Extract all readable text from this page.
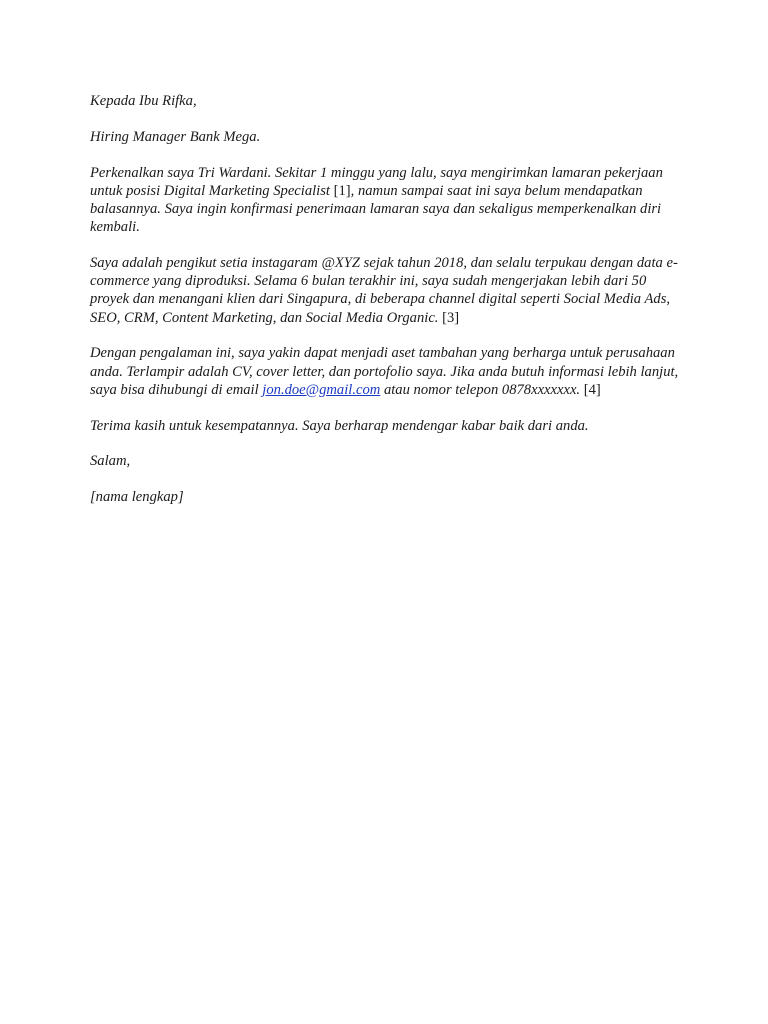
Kepada Ibu Rifka,

Hiring Manager Bank Mega.

Perkenalkan saya Tri Wardani. Sekitar 1 minggu yang lalu, saya mengirimkan lamaran pekerjaan untuk posisi Digital Marketing Specialist [1], namun sampai saat ini saya belum mendapatkan balasannya. Saya ingin konfirmasi penerimaan lamaran saya dan sekaligus memperkenalkan diri kembali.

Saya adalah pengikut setia instagaram @XYZ sejak tahun 2018, dan selalu terpukau dengan data e-commerce yang diproduksi. Selama 6 bulan terakhir ini, saya sudah mengerjakan lebih dari 50 proyek dan menangani klien dari Singapura, di beberapa channel digital seperti Social Media Ads, SEO, CRM, Content Marketing, dan Social Media Organic. [3]

Dengan pengalaman ini, saya yakin dapat menjadi aset tambahan yang berharga untuk perusahaan anda. Terlampir adalah CV, cover letter, dan portofolio saya. Jika anda butuh informasi lebih lanjut, saya bisa dihubungi di email jon.doe@gmail.com atau nomor telepon 0878xxxxxxx. [4]

Terima kasih untuk kesempatannya. Saya berharap mendengar kabar baik dari anda.

Salam,

[nama lengkap]
